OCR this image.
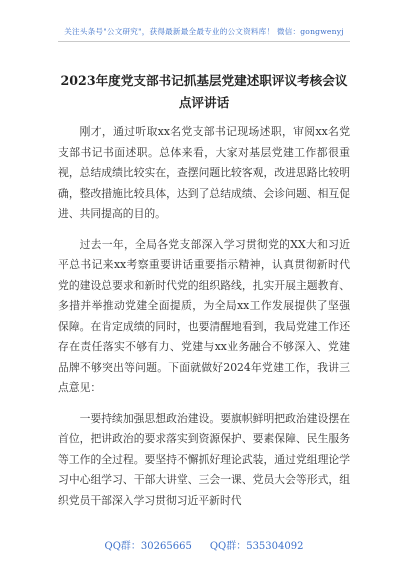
关注头条号"公文研究"，获得最新最全最专业的公文资料库！ 微信：gongwenyj
2023年度党支部书记抓基层党建述职评议考核会议点评讲话

刚才，通过听取xx名党支部书记现场述职，审阅xx名党支部书记书面述职。总体来看，大家对基层党建工作都很重视，总结成绩比较实在，查摆问题比较客观，改进思路比较明确，整改措施比较具体，达到了总结成绩、会诊问题、相互促进、共同提高的目的。

过去一年，全局各党支部深入学习贯彻党的XX大和习近平总书记来xx考察重要讲话重要指示精神，认真贯彻新时代党的建设总要求和新时代党的组织路线，扎实开展主题教育、多措并举推动党建全面提质，为全局xx工作发展提供了坚强保障。在肯定成绩的同时，也要清醒地看到，我局党建工作还存在责任落实不够有力、党建与xx业务融合不够深入、党建品牌不够突出等问题。下面就做好2024年党建工作，我讲三点意见：

一要持续加强思想政治建设。要旗帜鲜明把政治建设摆在首位，把讲政治的要求落实到资源保护、要素保障、民生服务等工作的全过程。要坚持不懈抓好理论武装，通过党组理论学习中心组学习、干部大讲堂、三会一课、党员大会等形式，组织党员干部深入学习贯彻习近平新时代

QQ群：30265665 QQ群：535304092
